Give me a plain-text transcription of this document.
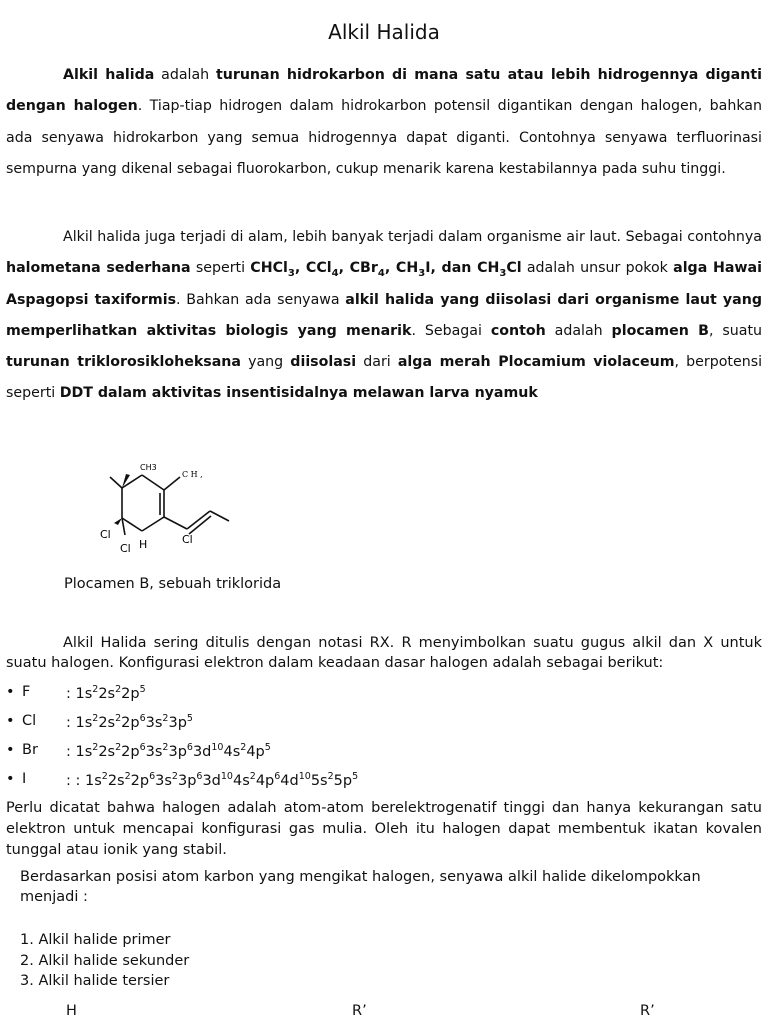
Alkil Halida

Alkil halida adalah turunan hidrokarbon di mana satu atau lebih hidrogennya diganti dengan halogen. Tiap-tiap hidrogen dalam hidrokarbon potensil digantikan dengan halogen, bahkan ada senyawa hidrokarbon yang semua hidrogennya dapat diganti. Contohnya senyawa terfluorinasi sempurna yang dikenal sebagai fluorokarbon, cukup menarik karena kestabilannya pada suhu tinggi.

Alkil halida juga terjadi di alam, lebih banyak terjadi dalam organisme air laut. Sebagai contohnya halometana sederhana seperti CHCl$_3$, CCl$_4$, CBr$_4$, $CH_3I$, dan $CH_3Cl$ adalah unsur pokok alga Hawai Aspagopsi taxiformis. Bahkan ada senyawa alkil halida yang diisolasi dari organisme laut yang memperlihatkan aktivitas biologis yang menarik. Sebagai contoh adalah plocamen B, suatu turunan triklorosikloheksana yang diisolasi dari alga merah Plocamium violaceum, berpotensi seperti DDT dalam aktivitas insentisidalnya melawan larva nyamuk

CH3
C H ,
Cl
Cl H	Cl
Plocamen B, sebuah triklorida

Alkil Halida sering ditulis dengan notasi RX. R menyimbolkan suatu gugus alkil dan X untuk suatu halogen. Konfigurasi elektron dalam keadaan dasar halogen adalah sebagai berikut:

• F : $1s^22s^22p^5$
• Cl : $1s^22s^22p^63s^23p^5$
• Br : $1s^22s^22p^63s^23p^63d^{10}4s^24p^5$
• I	: : $1s^22s^22p^63s^23p^63d^{10}4s^24p^64d^{10}5s^25p^5$

Perlu dicatat bahwa halogen adalah atom-atom berelektrogenatif tinggi dan hanya kekurangan satu elektron untuk mencapai konfigurasi gas mulia. Oleh itu halogen dapat membentuk ikatan kovalen tunggal atau ionik yang stabil.

Berdasarkan posisi atom karbon yang mengikat halogen, senyawa alkil halide dikelompokkan menjadi :

1. Alkil halide primer
2. Alkil halide sekunder
3. Alkil halide tersier
H	R’	R’
